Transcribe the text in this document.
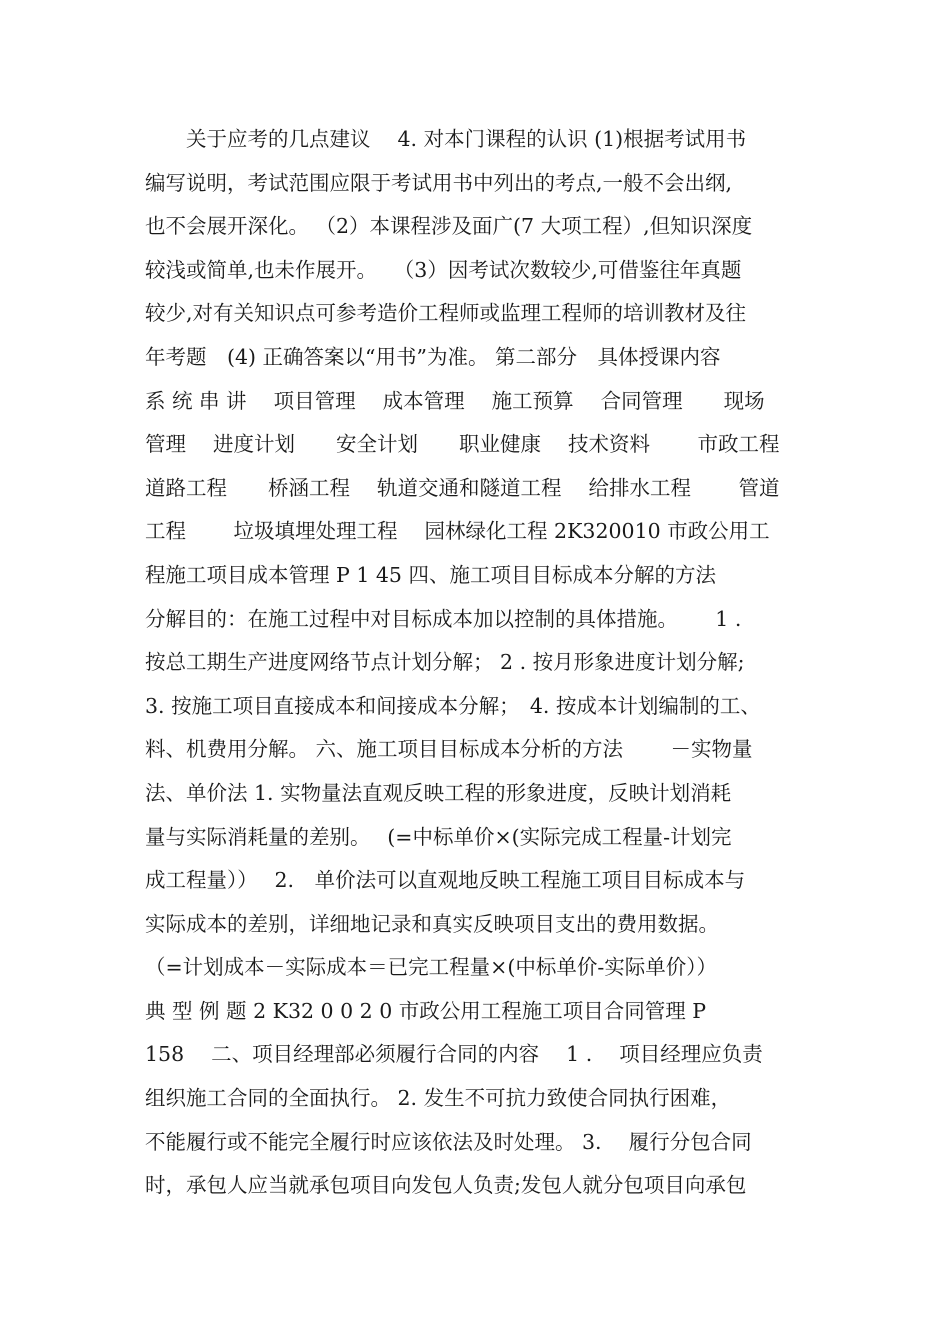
　　关于应考的几点建议　 4. 对本门课程的认识 (1)根据考试用书
编写说明，考试范围应限于考试用书中列出的考点,一般不会出纲,
也不会展开深化。 （2）本课程涉及面广(7 大项工程）,但知识深度
较浅或简单,也未作展开。　 （3）因考试次数较少,可借鉴往年真题
较少,对有关知识点可参考造价工程师或监理工程师的培训教材及往
年考题　(4) 正确答案以“用书”为准。 第二部分　具体授课内容
系 统 串 讲　 项目管理　 成本管理　 施工预算　 合同管理　　现场
管理　 进度计划　　安全计划　　职业健康　 技术资料　　 市政工程
道路工程　　桥涵工程　 轨道交通和隧道工程　 给排水工程　　 管道
工程　　 垃圾填埋处理工程　 园林绿化工程 2K320010 市政公用工
程施工项目成本管理 P 1 45 四、施工项目目标成本分解的方法
分解目的：在施工过程中对目标成本加以控制的具体措施。　　 1 .
按总工期生产进度网络节点计划分解； 2 . 按月形象进度计划分解;
3. 按施工项目直接成本和间接成本分解；　4. 按成本计划编制的工、
料、机费用分解。 六、施工项目目标成本分析的方法　　 －实物量
法、单价法 1. 实物量法直观反映工程的形象进度，反映计划消耗
量与实际消耗量的差别。　 (=中标单价×(实际完成工程量-计划完
成工程量））　 2.　单价法可以直观地反映工程施工项目目标成本与
实际成本的差别，详细地记录和真实反映项目支出的费用数据。
（=计划成本－实际成本＝已完工程量×(中标单价-实际单价））
典 型 例 题 2 K32 0 0 2 0 市政公用工程施工项目合同管理 P
158　 二、项目经理部必须履行合同的内容　 1 .　 项目经理应负责
组织施工合同的全面执行。 2. 发生不可抗力致使合同执行困难，
不能履行或不能完全履行时应该依法及时处理。 3.　 履行分包合同
时，承包人应当就承包项目向发包人负责;发包人就分包项目向承包
